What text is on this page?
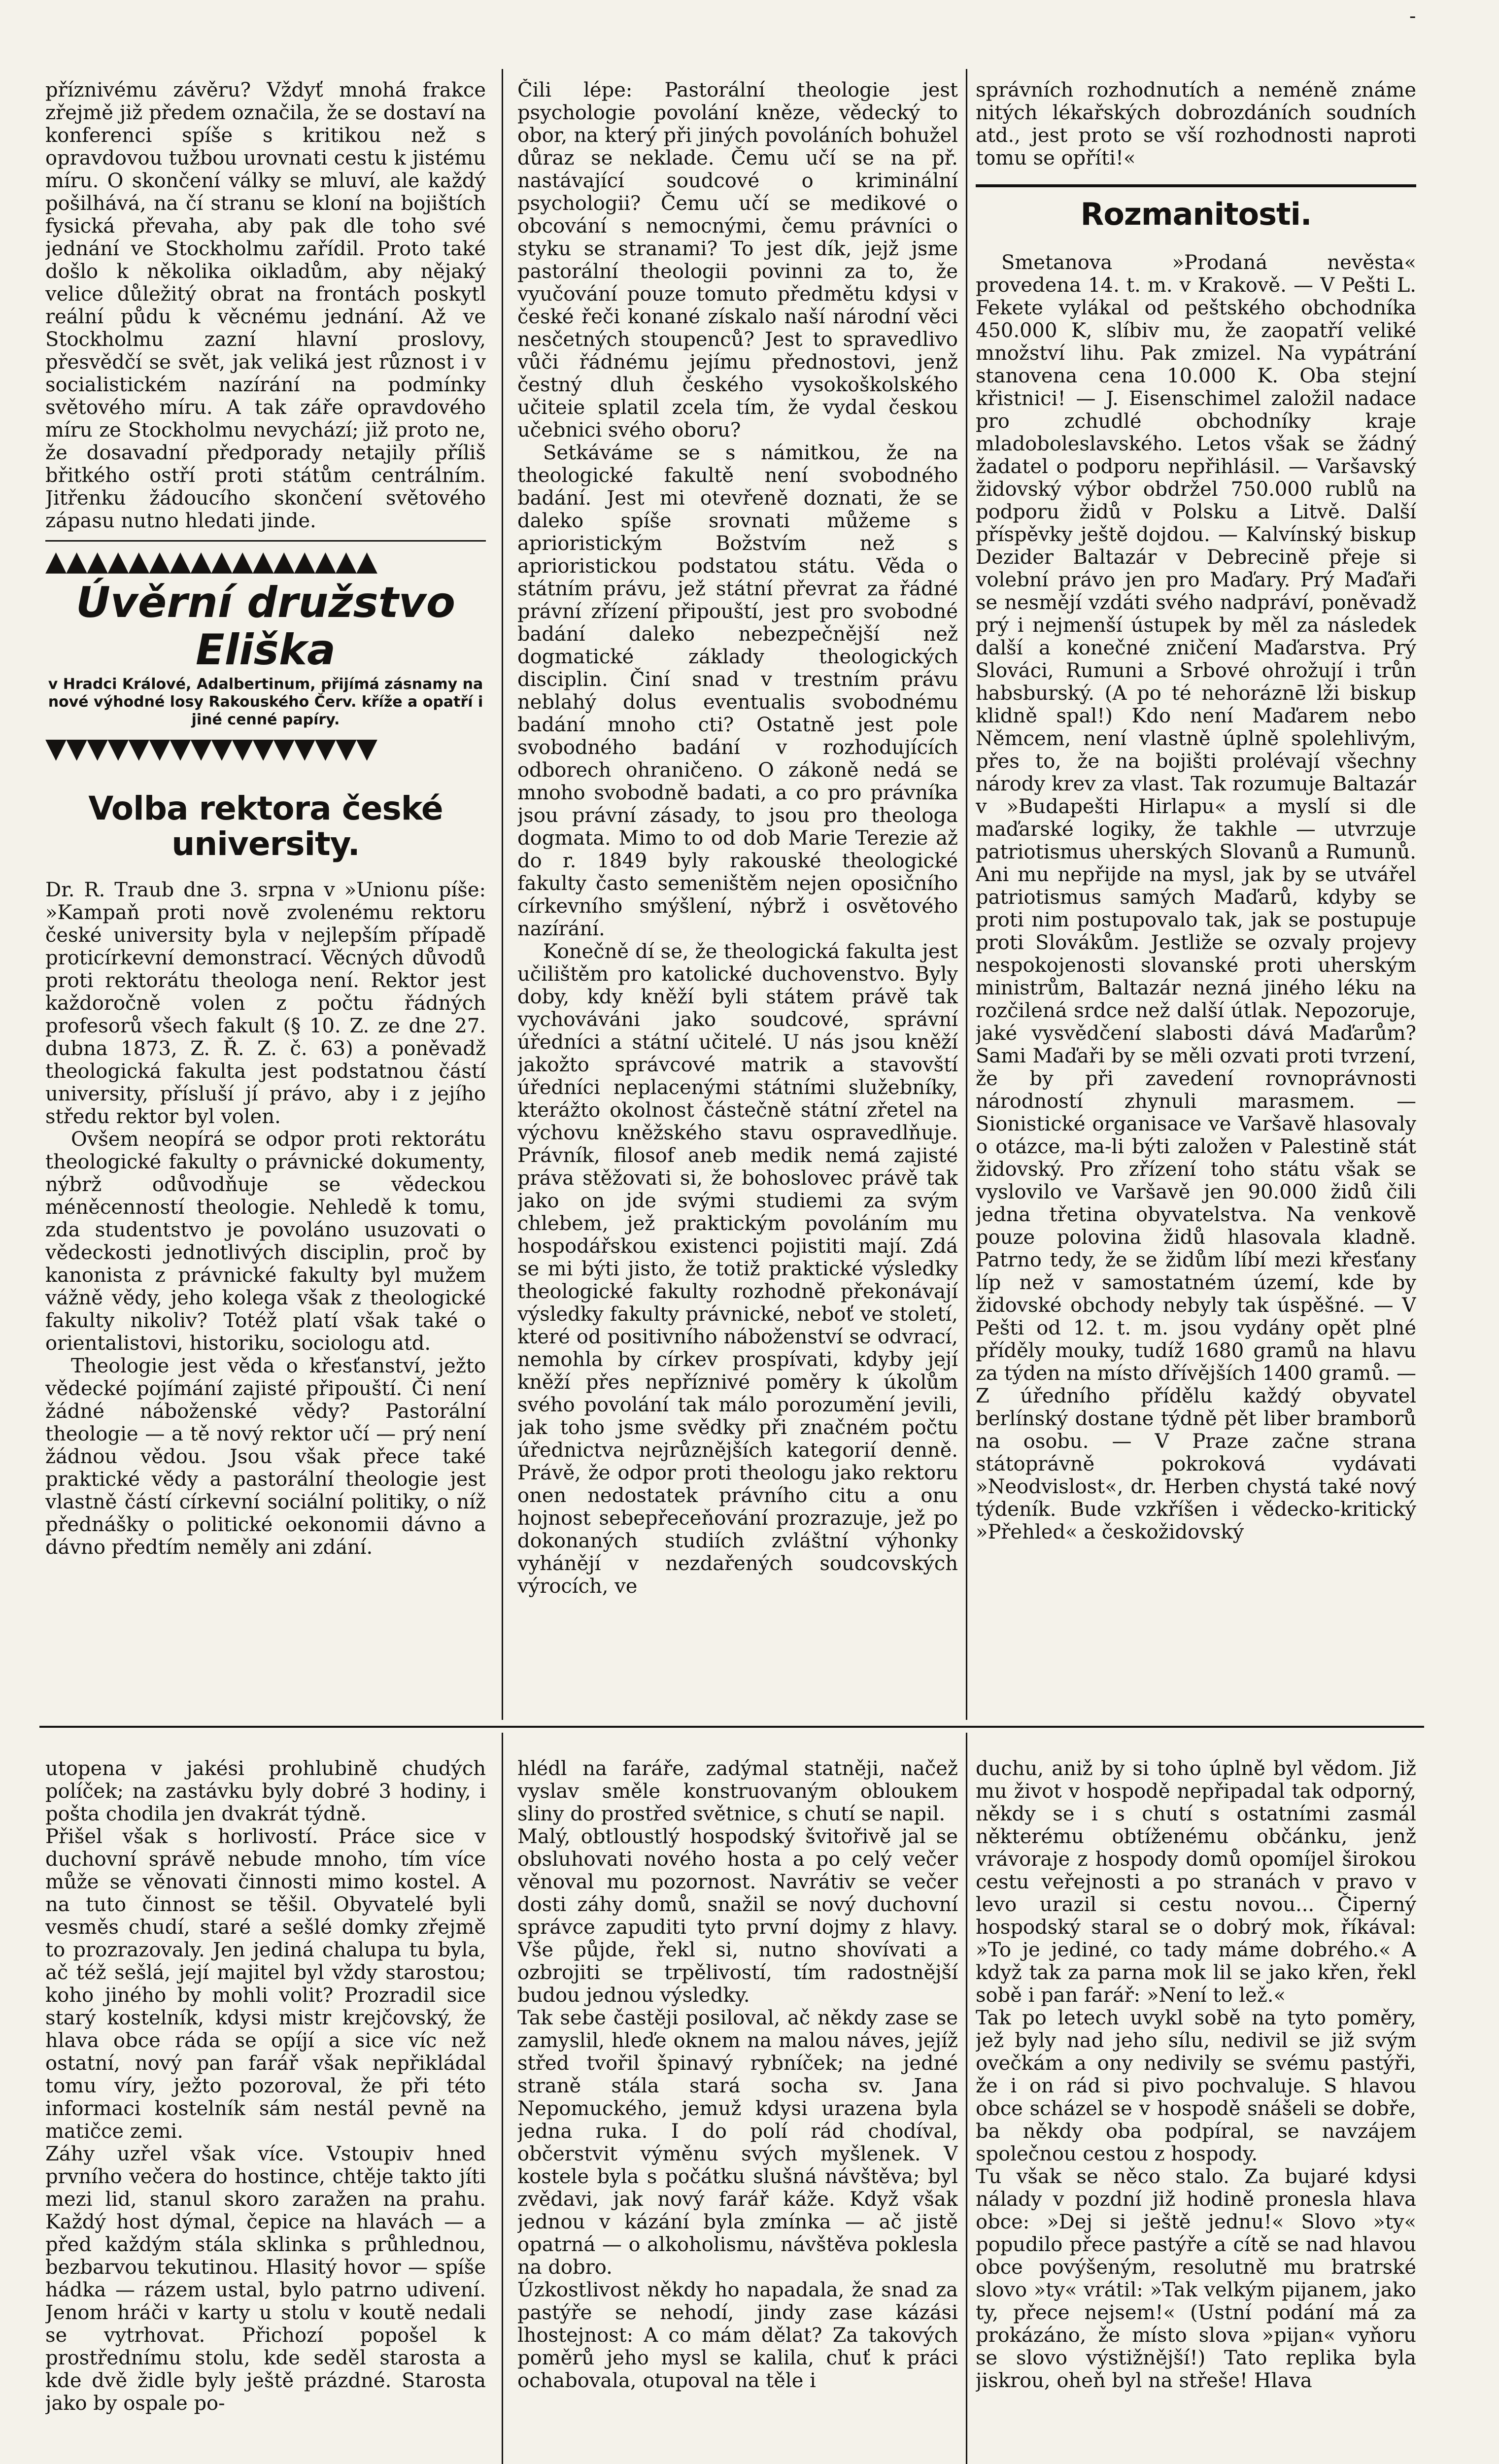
-

příznivému závěru? Vždyť mnohá frakce zřejmě již předem označila, že se dostaví na konferenci spíše s kritikou než s opravdovou tužbou urovnati cestu k jistému míru. O skončení války se mluví, ale každý pošilhává, na čí stranu se kloní na bojištích fysická převaha, aby pak dle toho své jednání ve Stockholmu zařídil. Proto také došlo k několika oikladům, aby nějaký velice důležitý obrat na frontách poskytl reální půdu k věcnému jednání. Až ve Stockholmu zazní hlavní proslovy, přesvědčí se svět, jak veliká jest různost i v socialistickém nazírání na podmínky světového míru. A tak záře opravdového míru ze Stockholmu nevychází; již proto ne, že dosavadní předporady netajily příliš břitkého ostří proti státům centrálním. Jitřenku žádoucího skončení světového zápasu nutno hledati jinde.

▲▲▲▲▲▲▲▲▲▲▲▲▲▲▲▲
Úvěrní družstvo Eliška
v Hradci Králové, Adalbertinum, přijímá zásnamy na nové výhodné losy Rakouského Červ. kříže a opatří i jiné cenné papíry.
▼▼▼▼▼▼▼▼▼▼▼▼▼▼▼▼
Volba rektora české university.

Dr. R. Traub dne 3. srpna v »Unionu píše: »Kampaň proti nově zvolenému rektoru české university byla v nejlepším případě proticírkevní demonstrací. Věcných důvodů proti rektorátu theologa není. Rektor jest každoročně volen z počtu řádných profesorů všech fakult (§ 10. Z. ze dne 27. dubna 1873, Z. Ř. Z. č. 63) a poněvadž theologická fakulta jest podstatnou částí university, přísluší jí právo, aby i z jejího středu rektor byl volen.

Ovšem neopírá se odpor proti rektorátu theologické fakulty o právnické dokumenty, nýbrž odůvodňuje se vědeckou méněcenností theologie. Nehledě k tomu, zda studentstvo je povoláno usuzovati o vědeckosti jednotlivých disciplin, proč by kanonista z právnické fakulty byl mužem vážně vědy, jeho kolega však z theologické fakulty nikoliv? Totéž platí však také o orientalistovi, historiku, sociologu atd.

Theologie jest věda o křesťanství, ježto vědecké pojímání zajisté připouští. Či není žádné náboženské vědy? Pastorální theologie — a tě nový rektor učí — prý není žádnou vědou. Jsou však přece také praktické vědy a pastorální theologie jest vlastně částí církevní sociální politiky, o níž přednášky o politické oekonomii dávno a dávno předtím neměly ani zdání.

Čili lépe: Pastorální theologie jest psychologie povolání kněze, vědecký to obor, na který při jiných povoláních bohužel důraz se neklade. Čemu učí se na př. nastávající soudcové o kriminální psychologii? Čemu učí se medikové o obcování s nemocnými, čemu právníci o styku se stranami? To jest dík, jejž jsme pastorální theologii povinni za to, že vyučování pouze tomuto předmětu kdysi v české řeči konané získalo naší národní věci nesčetných stoupenců? Jest to spravedlivo vůči řádnému jejímu přednostovi, jenž čestný dluh českého vysokoškolského učiteie splatil zcela tím, že vydal českou učebnici svého oboru?

Setkáváme se s námitkou, že na theologické fakultě není svobodného badání. Jest mi otevřeně doznati, že se daleko spíše srovnati můžeme s aprioristickým Božstvím než s aprioristickou podstatou státu. Věda o státním právu, jež státní převrat za řádné právní zřízení připouští, jest pro svobodné badání daleko nebezpečnější než dogmatické základy theologických disciplin. Činí snad v trestním právu neblahý dolus eventualis svobodnému badání mnoho cti? Ostatně jest pole svobodného badání v rozhodujících odborech ohraničeno. O zákoně nedá se mnoho svobodně badati, a co pro právníka jsou právní zásady, to jsou pro theologa dogmata. Mimo to od dob Marie Terezie až do r. 1849 byly rakouské theologické fakulty často semeništěm nejen oposičního církevního smýšlení, nýbrž i osvětového nazírání.

Konečně dí se, že theologická fakulta jest učilištěm pro katolické duchovenstvo. Byly doby, kdy kněží byli státem právě tak vychováváni jako soudcové, správní úředníci a státní učitelé. U nás jsou kněží jakožto správcové matrik a stavovští úředníci neplacenými státními služebníky, kterážto okolnost částečně státní zřetel na výchovu kněžského stavu ospravedlňuje. Právník, filosof aneb medik nemá zajisté práva stěžovati si, že bohoslovec právě tak jako on jde svými studiemi za svým chlebem, jež praktickým povoláním mu hospodářskou existenci pojistiti mají. Zdá se mi býti jisto, že totiž praktické výsledky theologické fakulty rozhodně překonávají výsledky fakulty právnické, neboť ve století, které od positivního náboženství se odvrací, nemohla by církev prospívati, kdyby její kněží přes nepříznivé poměry k úkolům svého povolání tak málo porozumění jevili, jak toho jsme svědky při značném počtu úřednictva nejrůznějších kategorií denně. Právě, že odpor proti theologu jako rektoru onen nedostatek právního citu a onu hojnost sebepřeceňování prozrazuje, jež po dokonaných studiích zvláštní výhonky vyhánějí v nezdařených soudcovských výrocích, ve

správních rozhodnutích a neméně známe nitých lékařských dobrozdáních soudních atd., jest proto se vší rozhodnosti naproti tomu se opříti!«

Rozmanitosti.

Smetanova »Prodaná nevěsta« provedena 14. t. m. v Krakově. — V Pešti L. Fekete vylákal od peštského obchodníka 450.000 K, slíbiv mu, že zaopatří veliké množství lihu. Pak zmizel. Na vypátrání stanovena cena 10.000 K. Oba stejní křistnici! — J. Eisenschimel založil nadace pro zchudlé obchodníky kraje mladoboleslavského. Letos však se žádný žadatel o podporu nepřihlásil. — Varšavský židovský výbor obdržel 750.000 rublů na podporu židů v Polsku a Litvě. Další příspěvky ještě dojdou. — Kalvínský biskup Dezider Baltazár v Debrecině přeje si volební právo jen pro Maďary. Prý Maďaři se nesmějí vzdáti svého nadpráví, poněvadž prý i nejmenší ústupek by měl za následek další a konečné zničení Maďarstva. Prý Slováci, Rumuni a Srbové ohrožují i trůn habsburský. (A po té nehoráznē lži biskup klidně spal!) Kdo není Maďarem nebo Němcem, není vlastně úplně spolehlivým, přes to, že na bojišti prolévají všechny národy krev za vlast. Tak rozumuje Baltazár v »Budapešti Hirlapu« a myslí si dle maďarské logiky, že takhle — utvrzuje patriotismus uherských Slovanů a Rumunů. Ani mu nepřijde na mysl, jak by se utvářel patriotismus samých Maďarů, kdyby se proti nim postupovalo tak, jak se postupuje proti Slovákům. Jestliže se ozvaly projevy nespokojenosti slovanské proti uherským ministrům, Baltazár nezná jiného léku na rozčilená srdce než další útlak. Nepozoruje, jaké vysvědčení slabosti dává Maďarům? Sami Maďaři by se měli ozvati proti tvrzení, že by při zavedení rovnoprávnosti národností zhynuli marasmem. — Sionistické organisace ve Varšavě hlasovaly o otázce, ma-li býti založen v Palestině stát židovský. Pro zřízení toho státu však se vyslovilo ve Varšavě jen 90.000 židů čili jedna třetina obyvatelstva. Na venkově pouze polovina židů hlasovala kladně. Patrno tedy, že se židům líbí mezi křesťany líp než v samostatném území, kde by židovské obchody nebyly tak úspěšné. — V Pešti od 12. t. m. jsou vydány opět plné příděly mouky, tudíž 1680 gramů na hlavu za týden na místo dřívějších 1400 gramů. — Z úředního přídělu každý obyvatel berlínský dostane týdně pět liber bramborů na osobu. — V Praze začne strana státoprávně pokroková vydávati »Neodvislost«, dr. Herben chystá také nový týdeník. Bude vzkříšen i vědecko-kritický »Přehled« a českožidovský

utopena v jakési prohlubině chudých políček; na zastávku byly dobré 3 hodiny, i pošta chodila jen dvakrát týdně.
Přišel však s horlivostí. Práce sice v duchovní správě nebude mnoho, tím více může se věnovati činnosti mimo kostel. A na tuto činnost se těšil. Obyvatelé byli vesměs chudí, staré a sešlé domky zřejmě to prozrazovaly. Jen jediná chalupa tu byla, ač též sešlá, její majitel byl vždy starostou; koho jiného by mohli volit? Prozradil sice starý kostelník, kdysi mistr krejčovský, že hlava obce ráda se opíjí a sice víc než ostatní, nový pan farář však nepřikládal tomu víry, ježto pozoroval, že při této informaci kostelník sám nestál pevně na matičce zemi.
Záhy uzřel však více. Vstoupiv hned prvního večera do hostince, chtěje takto jíti mezi lid, stanul skoro zaražen na prahu. Každý host dýmal, čepice na hlavách — a před každým stála sklinka s průhlednou, bezbarvou tekutinou. Hlasitý hovor — spíše hádka — rázem ustal, bylo patrno udivení. Jenom hráči v karty u stolu v koutě nedali se vytrhovat. Přichozí popošel k prostřednímu stolu, kde seděl starosta a kde dvě židle byly ještě prázdné. Starosta jako by ospale po-

hlédl na faráře, zadýmal statněji, načež vyslav směle konstruovaným obloukem sliny do prostřed světnice, s chutí se napil.
Malý, obtloustlý hospodský švitořivě jal se obsluhovati nového hosta a po celý večer věnoval mu pozornost. Navrátiv se večer dosti záhy domů, snažil se nový duchovní správce zapuditi tyto první dojmy z hlavy. Vše půjde, řekl si, nutno shovívati a ozbrojiti se trpělivostí, tím radostnější budou jednou výsledky.
Tak sebe častěji posiloval, ač někdy zase se zamyslil, hleďe oknem na malou náves, jejíž střed tvořil špinavý rybníček; na jedné straně stála stará socha sv. Jana Nepomuckého, jemuž kdysi urazena byla jedna ruka. I do polí rád chodíval, občerstvit výměnu svých myšlenek. V kostele byla s počátku slušná návštěva; byl zvědavi, jak nový farář káže. Když však jednou v kázání byla zmínka — ač jistě opatrná — o alkoholismu, návštěva poklesla na dobro.
Úzkostlivost někdy ho napadala, že snad za pastýře se nehodí, jindy zase kázási lhostejnost: A co mám dělat? Za takových poměrů jeho mysl se kalila, chuť k práci ochabovala, otupoval na těle i

duchu, aniž by si toho úplně byl vědom. Již mu život v hospodě nepřipadal tak odporný, někdy se i s chutí s ostatními zasmál některému obtíženému občánku, jenž vrávoraje z hospody domů opomíjel širokou cestu veřejnosti a po stranách v pravo v levo urazil si cestu novou... Čiperný hospodský staral se o dobrý mok, říkával: »To je jediné, co tady máme dobrého.« A když tak za parna mok lil se jako křen, řekl sobě i pan farář: »Není to lež.«
Tak po letech uvykl sobě na tyto poměry, jež byly nad jeho sílu, nedivil se již svým ovečkám a ony nedivily se svému pastýři, že i on rád si pivo pochvaluje. S hlavou obce scházel se v hospodě snášeli se dobře, ba někdy oba podpíral, se navzájem společnou cestou z hospody.
Tu však se něco stalo. Za bujaré kdysi nálady v pozdní již hodině pronesla hlava obce: »Dej si ještě jednu!« Slovo »ty« popudilo přece pastýře a cítě se nad hlavou obce povýšeným, resolutně mu bratrské slovo »ty« vrátil: »Tak velkým pijanem, jako ty, přece nejsem!« (Ustní podání má za prokázáno, že místo slova »pijan« vyňoru se slovo výstižnější!) Tato replika byla jiskrou, oheň byl na střeše! Hlava
